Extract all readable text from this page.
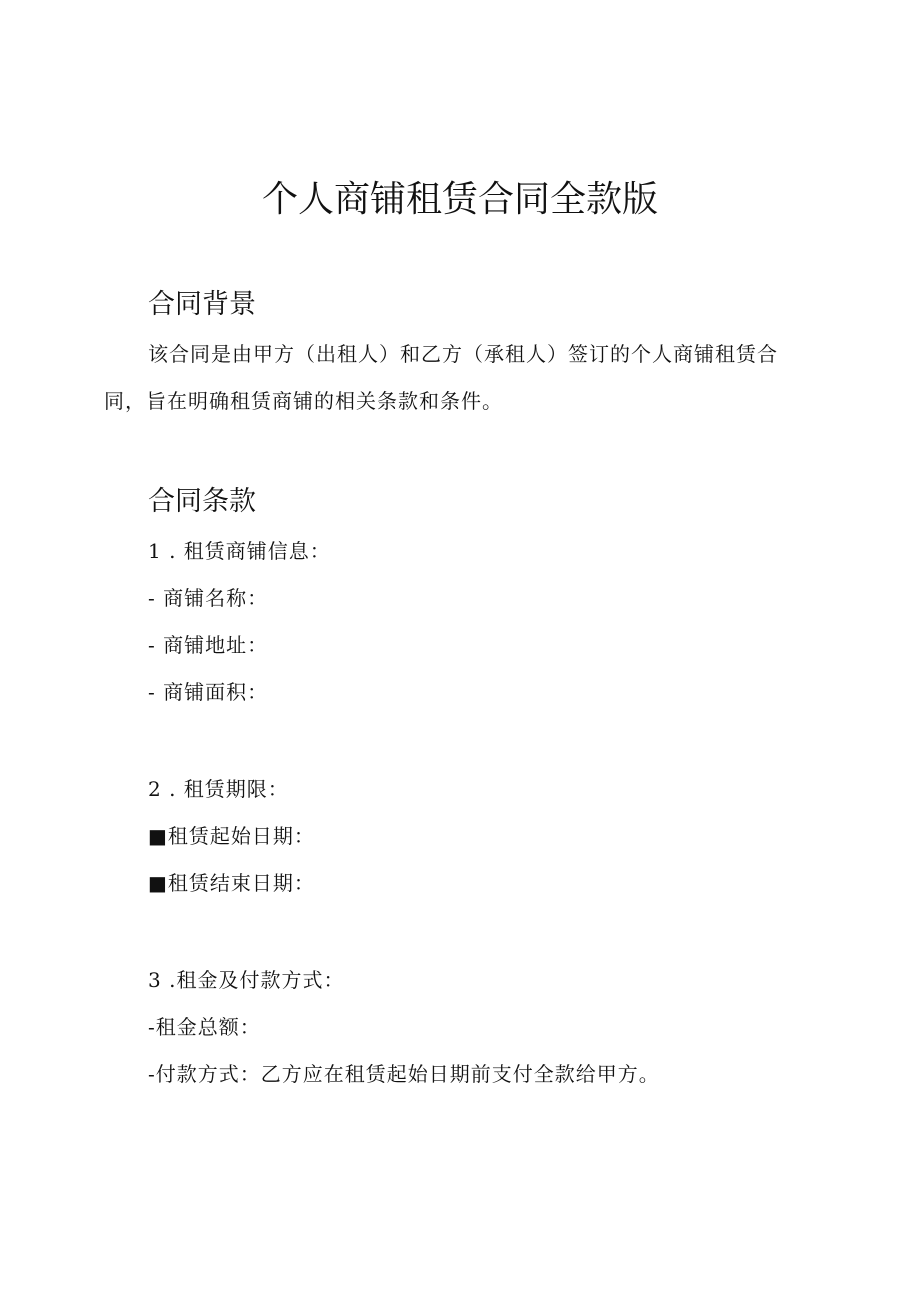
个人商铺租赁合同全款版
合同背景
该合同是由甲方（出租人）和乙方（承租人）签订的个人商铺租赁合同，旨在明确租赁商铺的相关条款和条件。
合同条款
1 . 租赁商铺信息：
- 商铺名称：
- 商铺地址：
- 商铺面积：
2 . 租赁期限：
■租赁起始日期：
■租赁结束日期：
3 .租金及付款方式：
-租金总额：
-付款方式：乙方应在租赁起始日期前支付全款给甲方。
